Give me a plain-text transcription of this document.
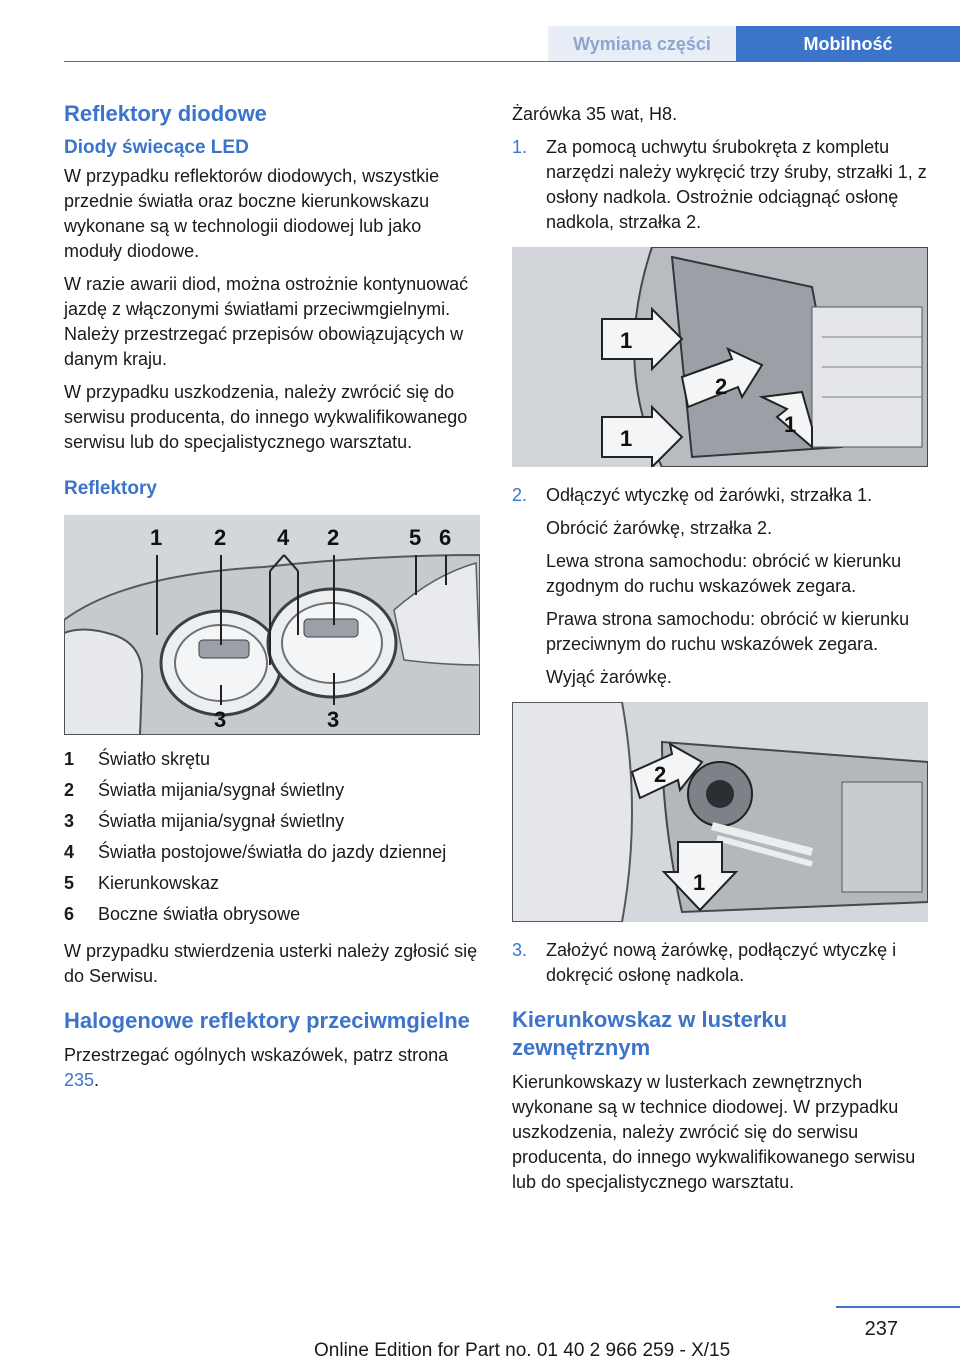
Wymiana części	Mobilność
Reflektory diodowe
Diody świecące LED

W przypadku reflektorów diodowych, wszystkie przednie światła oraz boczne kierunkowskazu wykonane są w technologii diodowej lub jako moduły diodowe.

W razie awarii diod, można ostrożnie kontynuować jazdę z włączonymi światłami przeciwmgielnymi. Należy przestrzegać przepisów obowiązujących w danym kraju.

W przypadku uszkodzenia, należy zwrócić się do serwisu producenta, do innego wykwalifikowanego serwisu lub do specjalistycznego warsztatu.

Reflektory
1 2 4 2	5 6
3	3
1	Światło skrętu
2	Światła mijania/sygnał świetlny
3	Światła mijania/sygnał świetlny
4	Światła postojowe/światła do jazdy dziennej
5	Kierunkowskaz
6	Boczne światła obrysowe

W przypadku stwierdzenia usterki należy zgłosić się do Serwisu.

Halogenowe reflektory przeciwmgielne

Przestrzegać ogólnych wskazówek, patrz strona 235.

Żarówka 35 wat, H8.

1.	Za pomocą uchwytu śrubokręta z kompletu narzędzi należy wykręcić trzy śruby, strzałki 1, z osłony nadkola. Ostrożnie odciągnąć osłonę nadkola, strzałka 2.

1
2
1
1
2.	Odłączyć wtyczkę od żarówki, strzałka 1.

Obrócić żarówkę, strzałka 2.

Lewa strona samochodu: obrócić w kierunku zgodnym do ruchu wskazówek zegara.

Prawa strona samochodu: obrócić w kierunku przeciwnym do ruchu wskazówek zegara.

Wyjąć żarówkę.

2
1
3.	Założyć nową żarówkę, podłączyć wtyczkę i dokręcić osłonę nadkola.

Kierunkowskaz w lusterku zewnętrznym

Kierunkowskazy w lusterkach zewnętrznych wykonane są w technice diodowej. W przypadku uszkodzenia, należy zwrócić się do serwisu producenta, do innego wykwalifikowanego serwisu lub do specjalistycznego warsztatu.

237
Online Edition for Part no. 01 40 2 966 259 - X/15
